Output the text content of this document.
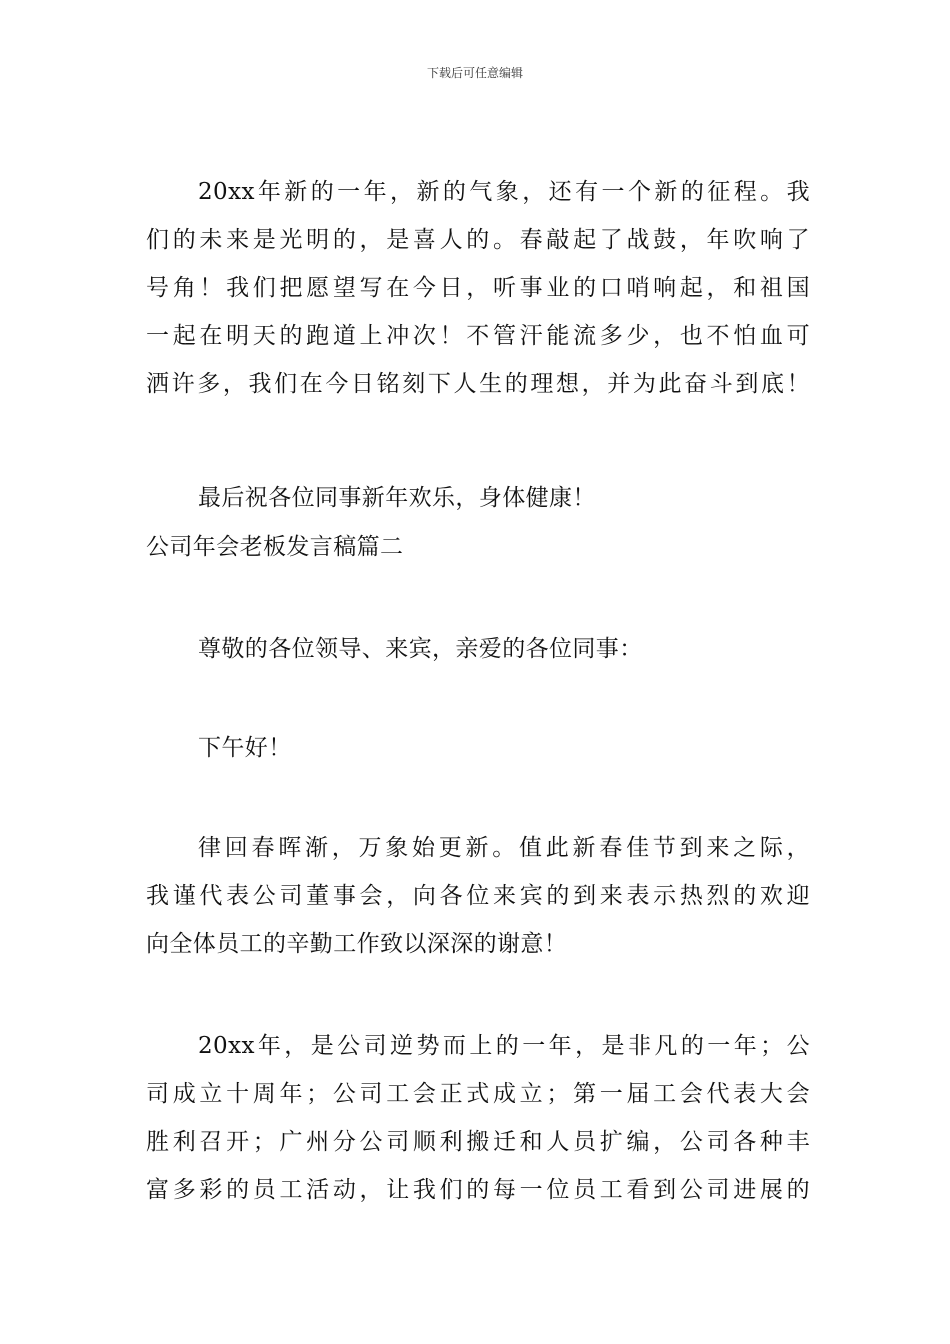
下载后可任意编辑
20xx年新的一年，新的气象，还有一个新的征程。我
们的未来是光明的，是喜人的。春敲起了战鼓，年吹响了
号角！我们把愿望写在今日，听事业的口哨响起，和祖国
一起在明天的跑道上冲次！不管汗能流多少，也不怕血可
洒许多，我们在今日铭刻下人生的理想，并为此奋斗到底！
最后祝各位同事新年欢乐，身体健康！
公司年会老板发言稿篇二
尊敬的各位领导、来宾，亲爱的各位同事：
下午好！
律回春晖渐，万象始更新。值此新春佳节到来之际，
我谨代表公司董事会，向各位来宾的到来表示热烈的欢迎
向全体员工的辛勤工作致以深深的谢意！
20xx年，是公司逆势而上的一年，是非凡的一年；公
司成立十周年；公司工会正式成立；第一届工会代表大会
胜利召开；广州分公司顺利搬迁和人员扩编，公司各种丰
富多彩的员工活动，让我们的每一位员工看到公司进展的
